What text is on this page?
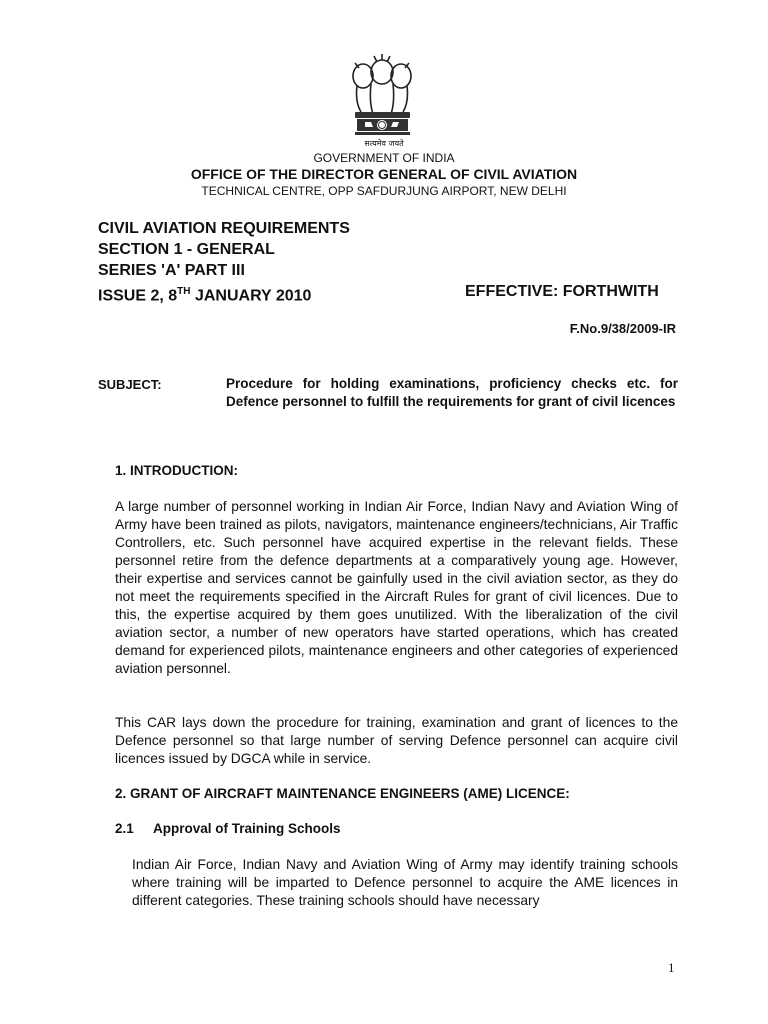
सत्यमेव जयते
GOVERNMENT OF INDIA
OFFICE OF THE DIRECTOR GENERAL OF CIVIL AVIATION
TECHNICAL CENTRE, OPP SAFDURJUNG AIRPORT, NEW DELHI
CIVIL AVIATION REQUIREMENTS
SECTION 1 - GENERAL
SERIES 'A' PART III
ISSUE 2, 8TH JANUARY 2010	EFFECTIVE: FORTHWITH
F.No.9/38/2009-IR
SUBJECT:	Procedure for holding examinations, proficiency checks etc. for Defence personnel to fulfill the requirements for grant of civil licences
1. INTRODUCTION:
A large number of personnel working in Indian Air Force, Indian Navy and Aviation Wing of Army have been trained as pilots, navigators, maintenance engineers/technicians, Air Traffic Controllers, etc. Such personnel have acquired expertise in the relevant fields. These personnel retire from the defence departments at a comparatively young age. However, their expertise and services cannot be gainfully used in the civil aviation sector, as they do not meet the requirements specified in the Aircraft Rules for grant of civil licences. Due to this, the expertise acquired by them goes unutilized. With the liberalization of the civil aviation sector, a number of new operators have started operations, which has created demand for experienced pilots, maintenance engineers and other categories of experienced aviation personnel.
This CAR lays down the procedure for training, examination and grant of licences to the Defence personnel so that large number of serving Defence personnel can acquire civil licences issued by DGCA while in service.
2. GRANT OF AIRCRAFT MAINTENANCE ENGINEERS (AME) LICENCE:
2.1 Approval of Training Schools
Indian Air Force, Indian Navy and Aviation Wing of Army may identify training schools where training will be imparted to Defence personnel to acquire the AME licences in different categories. These training schools should have necessary
1
